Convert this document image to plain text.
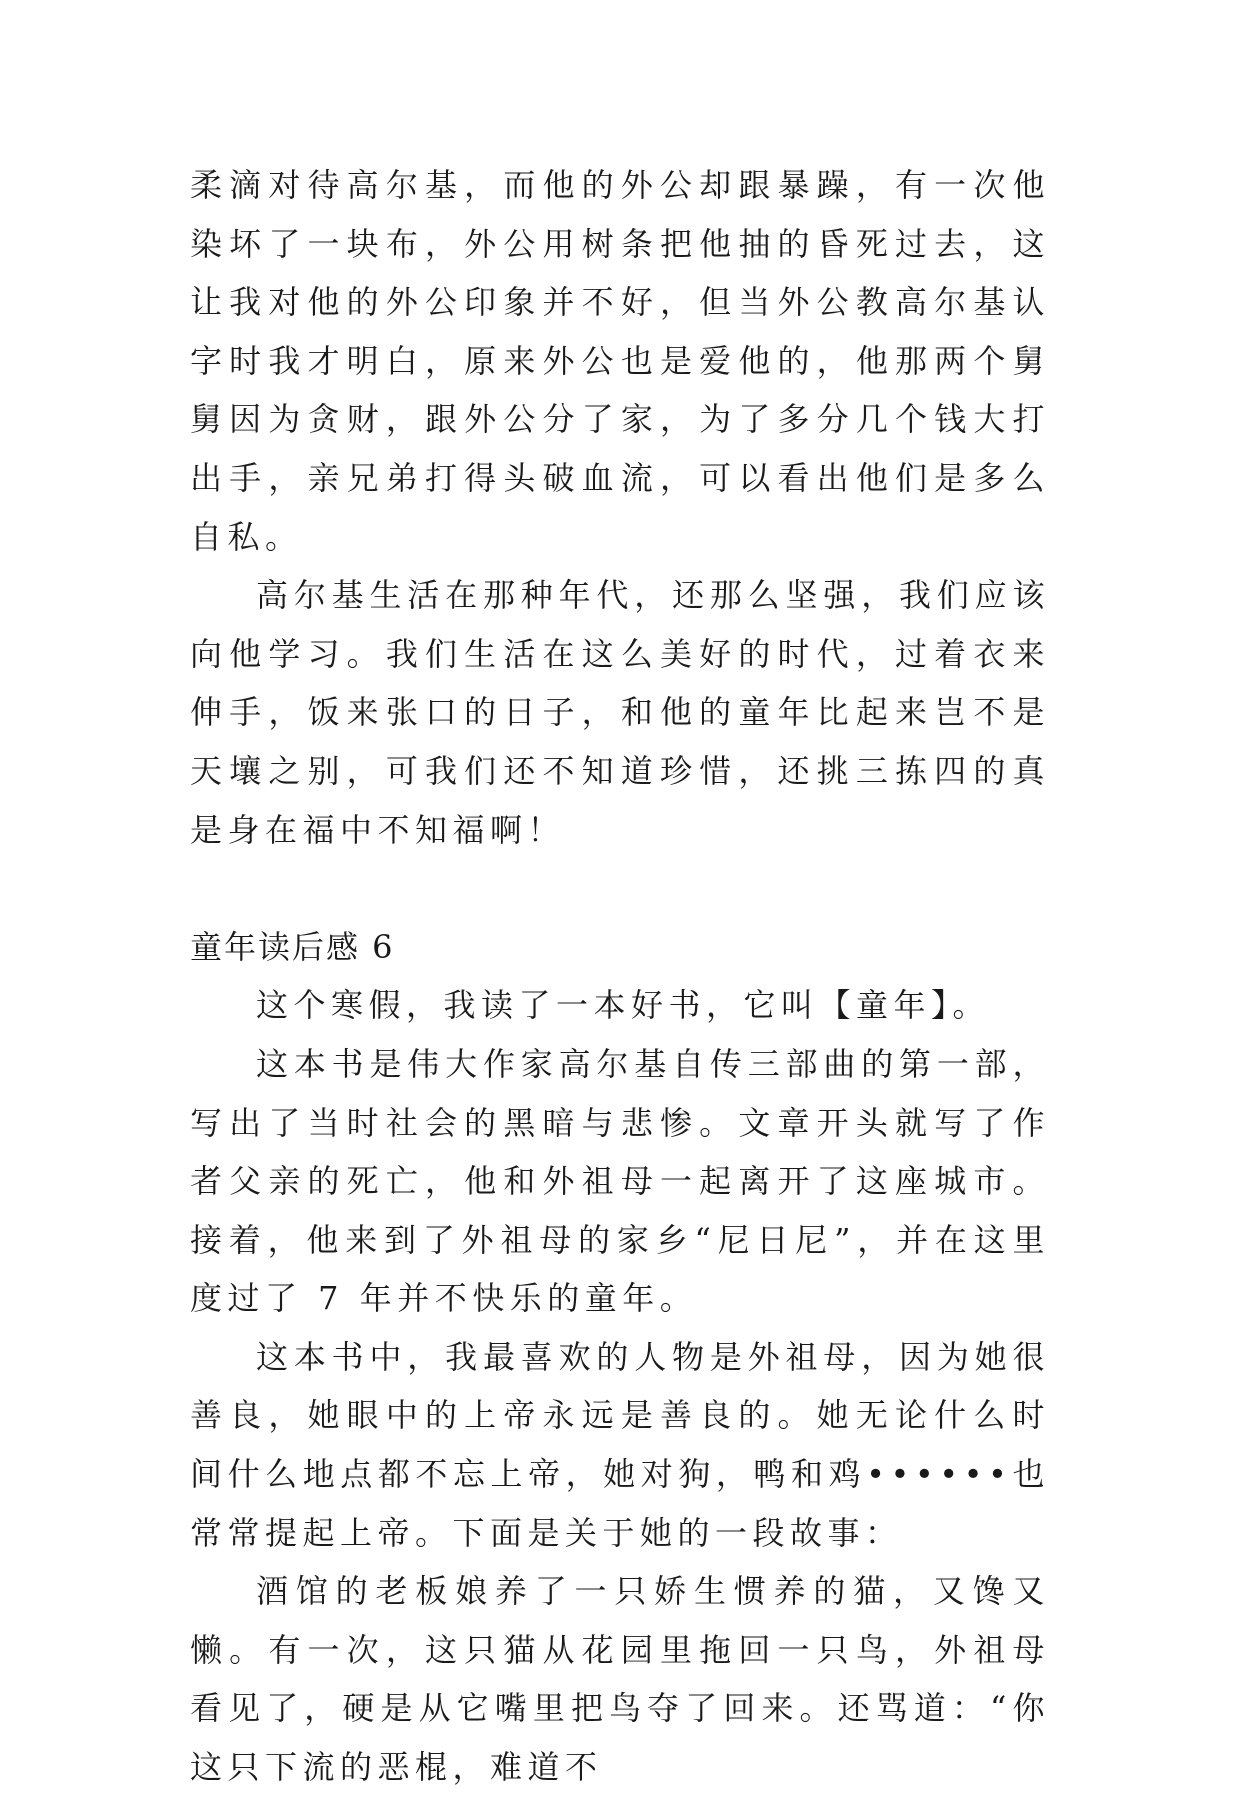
柔滴对待高尔基，而他的外公却跟暴躁，有一次他染坏了一块布，外公用树条把他抽的昏死过去，这让我对他的外公印象并不好，但当外公教高尔基认字时我才明白，原来外公也是爱他的，他那两个舅舅因为贪财，跟外公分了家，为了多分几个钱大打出手，亲兄弟打得头破血流，可以看出他们是多么自私。

高尔基生活在那种年代，还那么坚强，我们应该向他学习。我们生活在这么美好的时代，过着衣来伸手，饭来张口的日子，和他的童年比起来岂不是天壤之别，可我们还不知道珍惜，还挑三拣四的真是身在福中不知福啊！

童年读后感 6

这个寒假，我读了一本好书，它叫【童年】。

这本书是伟大作家高尔基自传三部曲的第一部，写出了当时社会的黑暗与悲惨。文章开头就写了作者父亲的死亡，他和外祖母一起离开了这座城市。接着，他来到了外祖母的家乡“尼日尼”，并在这里度过了 7 年并不快乐的童年。

这本书中，我最喜欢的人物是外祖母，因为她很善良，她眼中的上帝永远是善良的。她无论什么时间什么地点都不忘上帝，她对狗，鸭和鸡••••••也常常提起上帝。下面是关于她的一段故事：

酒馆的老板娘养了一只娇生惯养的猫，又馋又懒。有一次，这只猫从花园里拖回一只鸟，外祖母看见了，硬是从它嘴里把鸟夺了回来。还骂道：“你这只下流的恶棍，难道不
